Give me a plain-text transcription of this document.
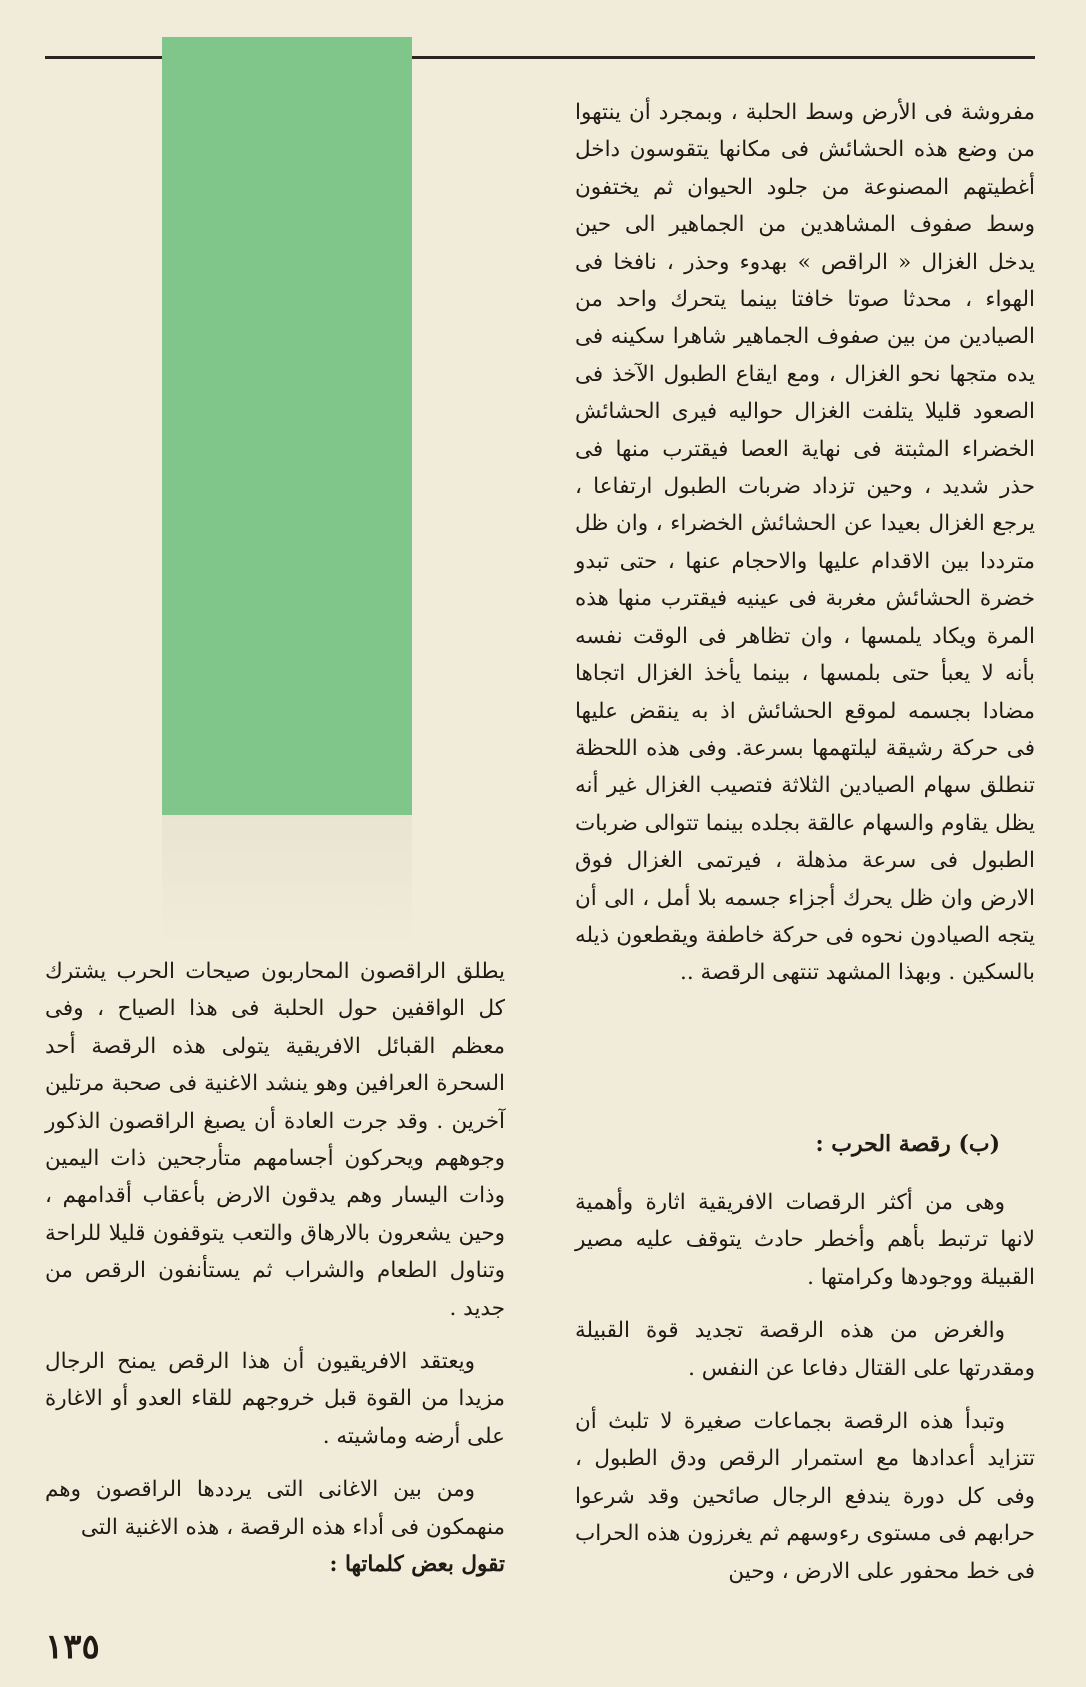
مفروشة فى الأرض وسط الحلبة ، وبمجرد أن ينتهوا من وضع هذه الحشائش فى مكانها يتقوسون داخل أغطيتهم المصنوعة من جلود الحيوان ثم يختفون وسط صفوف المشاهدين من الجماهير الى حين يدخل الغزال « الراقص » بهدوء وحذر ، نافخا فى الهواء ، محدثا صوتا خافتا بينما يتحرك واحد من الصيادين من بين صفوف الجماهير شاهرا سكينه فى يده متجها نحو الغزال ، ومع ايقاع الطبول الآخذ فى الصعود قليلا يتلفت الغزال حواليه فيرى الحشائش الخضراء المثبتة فى نهاية العصا فيقترب منها فى حذر شديد ، وحين تزداد ضربات الطبول ارتفاعا ، يرجع الغزال بعيدا عن الحشائش الخضراء ، وان ظل مترددا بين الاقدام عليها والاحجام عنها ، حتى تبدو خضرة الحشائش مغربة فى عينيه فيقترب منها هذه المرة ويكاد يلمسها ، وان تظاهر فى الوقت نفسه بأنه لا يعبأ حتى بلمسها ، بينما يأخذ الغزال اتجاها مضادا بجسمه لموقع الحشائش اذ به ينقض عليها فى حركة رشيقة ليلتهمها بسرعة. وفى هذه اللحظة تنطلق سهام الصيادين الثلاثة فتصيب الغزال غير أنه يظل يقاوم والسهام عالقة بجلده بينما تتوالى ضربات الطبول فى سرعة مذهلة ، فيرتمى الغزال فوق الارض وان ظل يحرك أجزاء جسمه بلا أمل ، الى أن يتجه الصيادون نحوه فى حركة خاطفة ويقطعون ذيله بالسكين . وبهذا المشهد تنتهى الرقصة ..

(ب) رقصة الحرب :

وهى من أكثر الرقصات الافريقية اثارة وأهمية لانها ترتبط بأهم وأخطر حادث يتوقف عليه مصير القبيلة ووجودها وكرامتها .

والغرض من هذه الرقصة تجديد قوة القبيلة ومقدرتها على القتال دفاعا عن النفس .

وتبدأ هذه الرقصة بجماعات صغيرة لا تلبث أن تتزايد أعدادها مع استمرار الرقص ودق الطبول ، وفى كل دورة يندفع الرجال صائحين وقد شرعوا حرابهم فى مستوى رءوسهم ثم يغرزون هذه الحراب فى خط محفور على الارض ، وحين

يطلق الراقصون المحاربون صيحات الحرب يشترك كل الواقفين حول الحلبة فى هذا الصياح ، وفى معظم القبائل الافريقية يتولى هذه الرقصة أحد السحرة العرافين وهو ينشد الاغنية فى صحبة مرتلين آخرين . وقد جرت العادة أن يصبغ الراقصون الذكور وجوههم ويحركون أجسامهم متأرجحين ذات اليمين وذات اليسار وهم يدقون الارض بأعقاب أقدامهم ، وحين يشعرون بالارهاق والتعب يتوقفون قليلا للراحة وتناول الطعام والشراب ثم يستأنفون الرقص من جديد .

ويعتقد الافريقيون أن هذا الرقص يمنح الرجال مزيدا من القوة قبل خروجهم للقاء العدو أو الاغارة على أرضه وماشيته .

ومن بين الاغانى التى يرددها الراقصون وهم منهمكون فى أداء هذه الرقصة ، هذه الاغنية التى

تقول بعض كلماتها :

١٣٥
